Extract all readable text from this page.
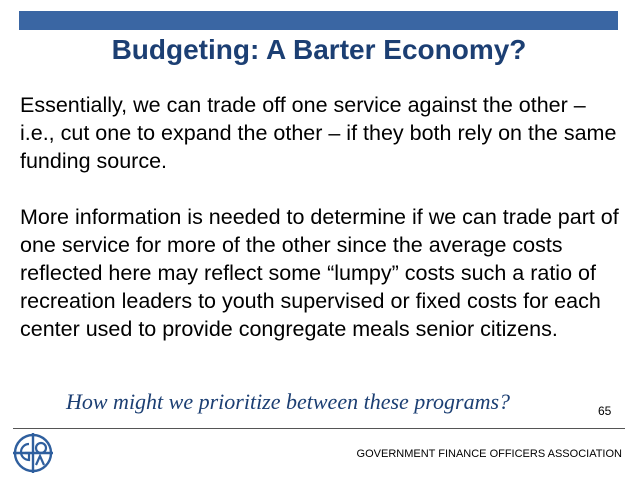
Budgeting: A Barter Economy?

Essentially, we can trade off one service against the other – i.e., cut one to expand the other – if they both rely on the same funding source.

More information is needed to determine if we can trade part of one service for more of the other since the average costs reflected here may reflect some “lumpy” costs such a ratio of recreation leaders to youth supervised or fixed costs for each center used to provide congregate meals senior citizens.

How might we prioritize between these programs?	65
GOVERNMENT FINANCE OFFICERS ASSOCIATION
